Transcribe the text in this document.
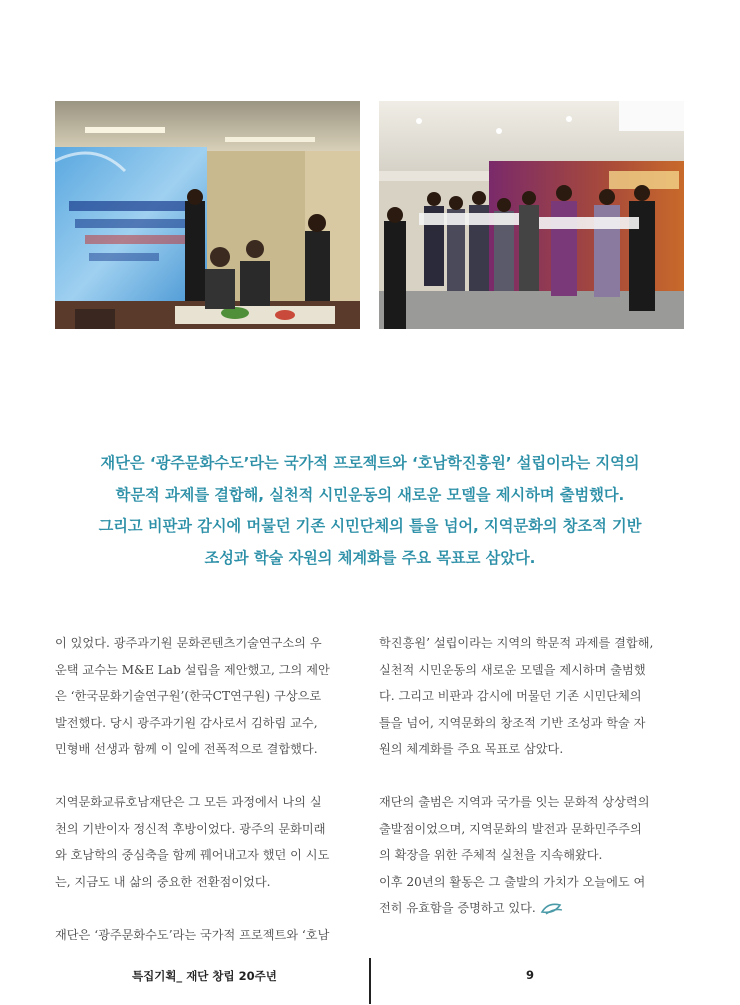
재단은 ‘광주문화수도’라는 국가적 프로젝트와 ‘호남학진흥원’ 설립이라는 지역의
학문적 과제를 결합해, 실천적 시민운동의 새로운 모델을 제시하며 출범했다.
그리고 비판과 감시에 머물던 기존 시민단체의 틀을 넘어, 지역문화의 창조적 기반
조성과 학술 자원의 체계화를 주요 목표로 삼았다.

이 있었다. 광주과기원 문화콘텐츠기술연구소의 우
운택 교수는 M&E Lab 설립을 제안했고, 그의 제안
은 ‘한국문화기술연구원’(한국CT연구원) 구상으로
발전했다. 당시 광주과기원 감사로서 김하림 교수,
민형배 선생과 함께 이 일에 전폭적으로 결합했다.

지역문화교류호남재단은 그 모든 과정에서 나의 실
천의 기반이자 정신적 후방이었다. 광주의 문화미래
와 호남학의 중심축을 함께 꿰어내고자 했던 이 시도
는, 지금도 내 삶의 중요한 전환점이었다.

재단은 ‘광주문화수도’라는 국가적 프로젝트와 ‘호남

학진흥원’ 설립이라는 지역의 학문적 과제를 결합해,
실천적 시민운동의 새로운 모델을 제시하며 출범했
다. 그리고 비판과 감시에 머물던 기존 시민단체의
틀을 넘어, 지역문화의 창조적 기반 조성과 학술 자
원의 체계화를 주요 목표로 삼았다.

재단의 출범은 지역과 국가를 잇는 문화적 상상력의
출발점이었으며, 지역문화의 발전과 문화민주주의
의 확장을 위한 주체적 실천을 지속해왔다.
이후 20년의 활동은 그 출발의 가치가 오늘에도 여
전히 유효함을 증명하고 있다.

특집기획_ 재단 창립 20주년	9
